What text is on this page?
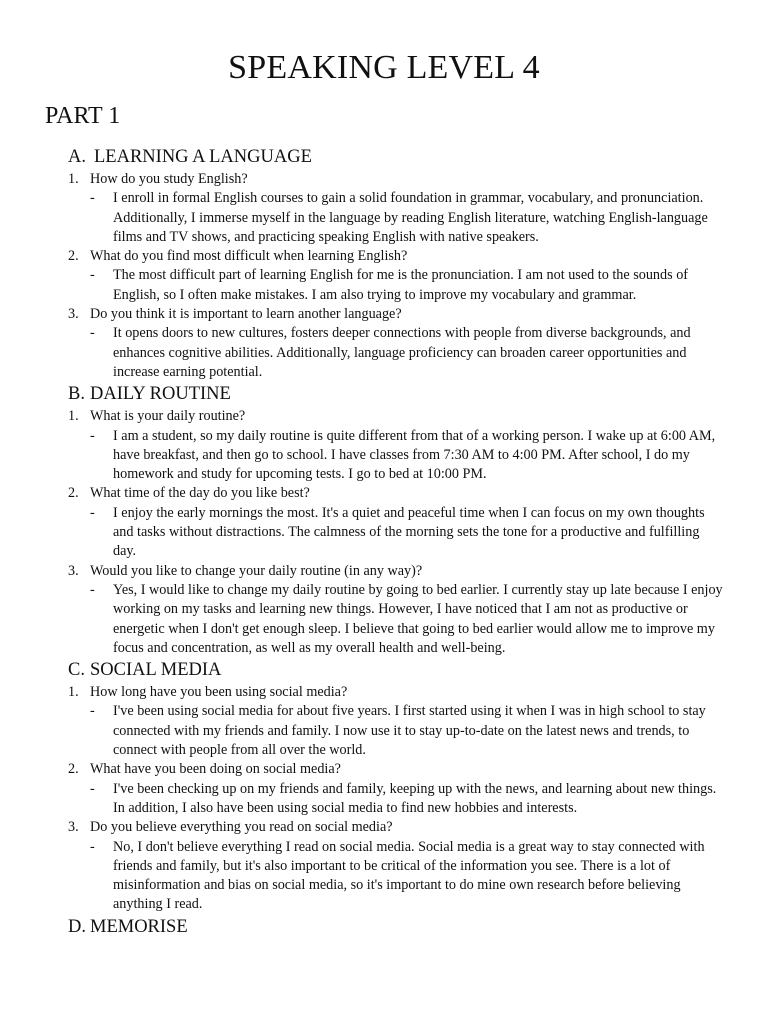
SPEAKING LEVEL 4
PART 1
A. LEARNING A LANGUAGE
1. How do you study English?
-	I enroll in formal English courses to gain a solid foundation in grammar, vocabulary, and pronunciation. Additionally, I immerse myself in the language by reading English literature, watching English-language films and TV shows, and practicing speaking English with native speakers.
2. What do you find most difficult when learning English?
-	The most difficult part of learning English for me is the pronunciation. I am not used to the sounds of English, so I often make mistakes. I am also trying to improve my vocabulary and grammar.
3. Do you think it is important to learn another language?
-	It opens doors to new cultures, fosters deeper connections with people from diverse backgrounds, and enhances cognitive abilities. Additionally, language proficiency can broaden career opportunities and increase earning potential.
B. DAILY ROUTINE
1. What is your daily routine?
-	I am a student, so my daily routine is quite different from that of a working person. I wake up at 6:00 AM, have breakfast, and then go to school. I have classes from 7:30 AM to 4:00 PM. After school, I do my homework and study for upcoming tests. I go to bed at 10:00 PM.
2. What time of the day do you like best?
-	I enjoy the early mornings the most. It's a quiet and peaceful time when I can focus on my own thoughts and tasks without distractions. The calmness of the morning sets the tone for a productive and fulfilling day.
3. Would you like to change your daily routine (in any way)?
-	Yes, I would like to change my daily routine by going to bed earlier. I currently stay up late because I enjoy working on my tasks and learning new things. However, I have noticed that I am not as productive or energetic when I don't get enough sleep. I believe that going to bed earlier would allow me to improve my focus and concentration, as well as my overall health and well-being.
C. SOCIAL MEDIA
1. How long have you been using social media?
-	I've been using social media for about five years. I first started using it when I was in high school to stay connected with my friends and family. I now use it to stay up-to-date on the latest news and trends, to connect with people from all over the world.
2. What have you been doing on social media?
-	I've been checking up on my friends and family, keeping up with the news, and learning about new things. In addition, I also have been using social media to find new hobbies and interests.
3. Do you believe everything you read on social media?
-	No, I don't believe everything I read on social media. Social media is a great way to stay connected with friends and family, but it's also important to be critical of the information you see. There is a lot of misinformation and bias on social media, so it's important to do mine own research before believing anything I read.
D. MEMORISE
